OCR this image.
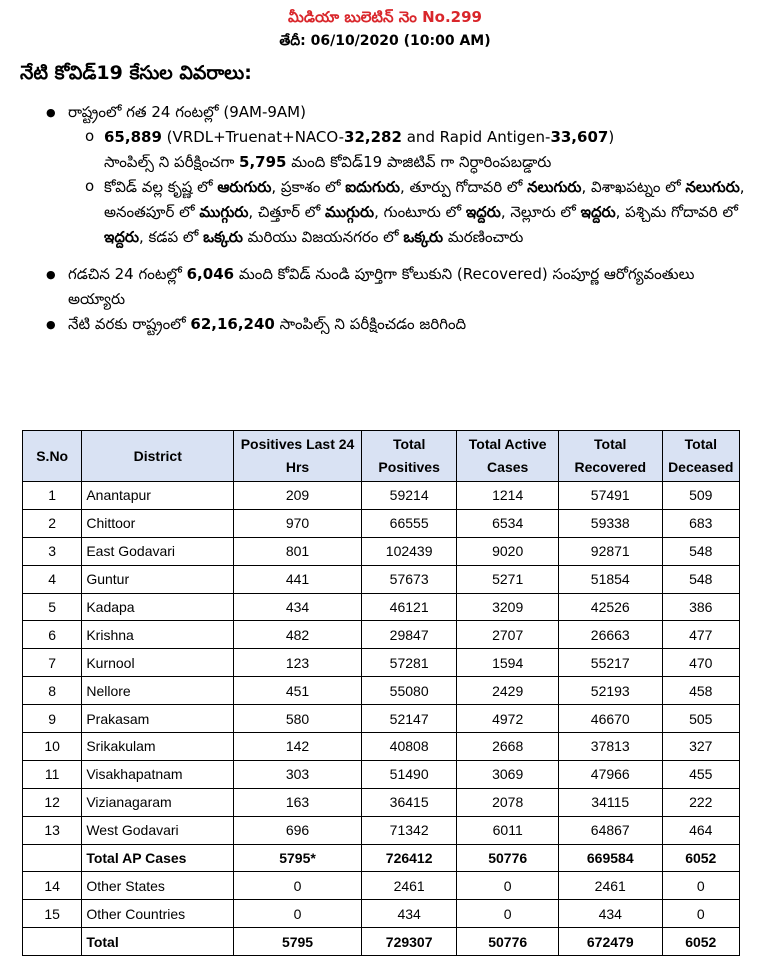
మీడియా బులెటిన్ నెం No.299
తేదీ: 06/10/2020 (10:00 AM)
నేటి కోవిడ్19 కేసుల వివరాలు:
● రాష్ట్రంలో గత 24 గంటల్లో (9AM-9AM)
o 65,889 (VRDL+Truenat+NACO-32,282 and Rapid Antigen-33,607)
సాంపిల్స్ ని పరీక్షించగా 5,795 మంది కోవిడ్19 పాజిటివ్ గా నిర్ధారింపబడ్డారు
o కోవిడ్ వల్ల కృష్ణ లో ఆరుగురు, ప్రకాశం లో ఐదుగురు, తూర్పు గోదావరి లో నలుగురు, విశాఖపట్నం లో నలుగురు, అనంతపూర్ లో ముగ్గురు, చిత్తూర్ లో ముగ్గురు, గుంటూరు లో ఇద్దరు, నెల్లూరు లో ఇద్దరు, పశ్చిమ గోదావరి లో ఇద్దరు, కడప లో ఒక్కరు మరియు విజయనగరం లో ఒక్కరు మరణించారు
● గడచిన 24 గంటల్లో 6,046 మంది కోవిడ్ నుండి పూర్తిగా కోలుకుని (Recovered) సంపూర్ణ ఆరోగ్యవంతులు అయ్యారు
● నేటి వరకు రాష్ట్రంలో 62,16,240 సాంపిల్స్ ని పరీక్షించడం జరిగింది
S.No	District	Positives Last 24 Hrs	Total Positives	Total Active Cases	Total Recovered	Total Deceased
1	Anantapur	209	59214	1214	57491	509
2	Chittoor	970	66555	6534	59338	683
3	East Godavari	801	102439	9020	92871	548
4	Guntur	441	57673	5271	51854	548
5	Kadapa	434	46121	3209	42526	386
6	Krishna	482	29847	2707	26663	477
7	Kurnool	123	57281	1594	55217	470
8	Nellore	451	55080	2429	52193	458
9	Prakasam	580	52147	4972	46670	505
10	Srikakulam	142	40808	2668	37813	327
11	Visakhapatnam	303	51490	3069	47966	455
12	Vizianagaram	163	36415	2078	34115	222
13	West Godavari	696	71342	6011	64867	464
	Total AP Cases	5795*	726412	50776	669584	6052
14	Other States	0	2461	0	2461	0
15	Other Countries	0	434	0	434	0
	Total	5795	729307	50776	672479	6052
